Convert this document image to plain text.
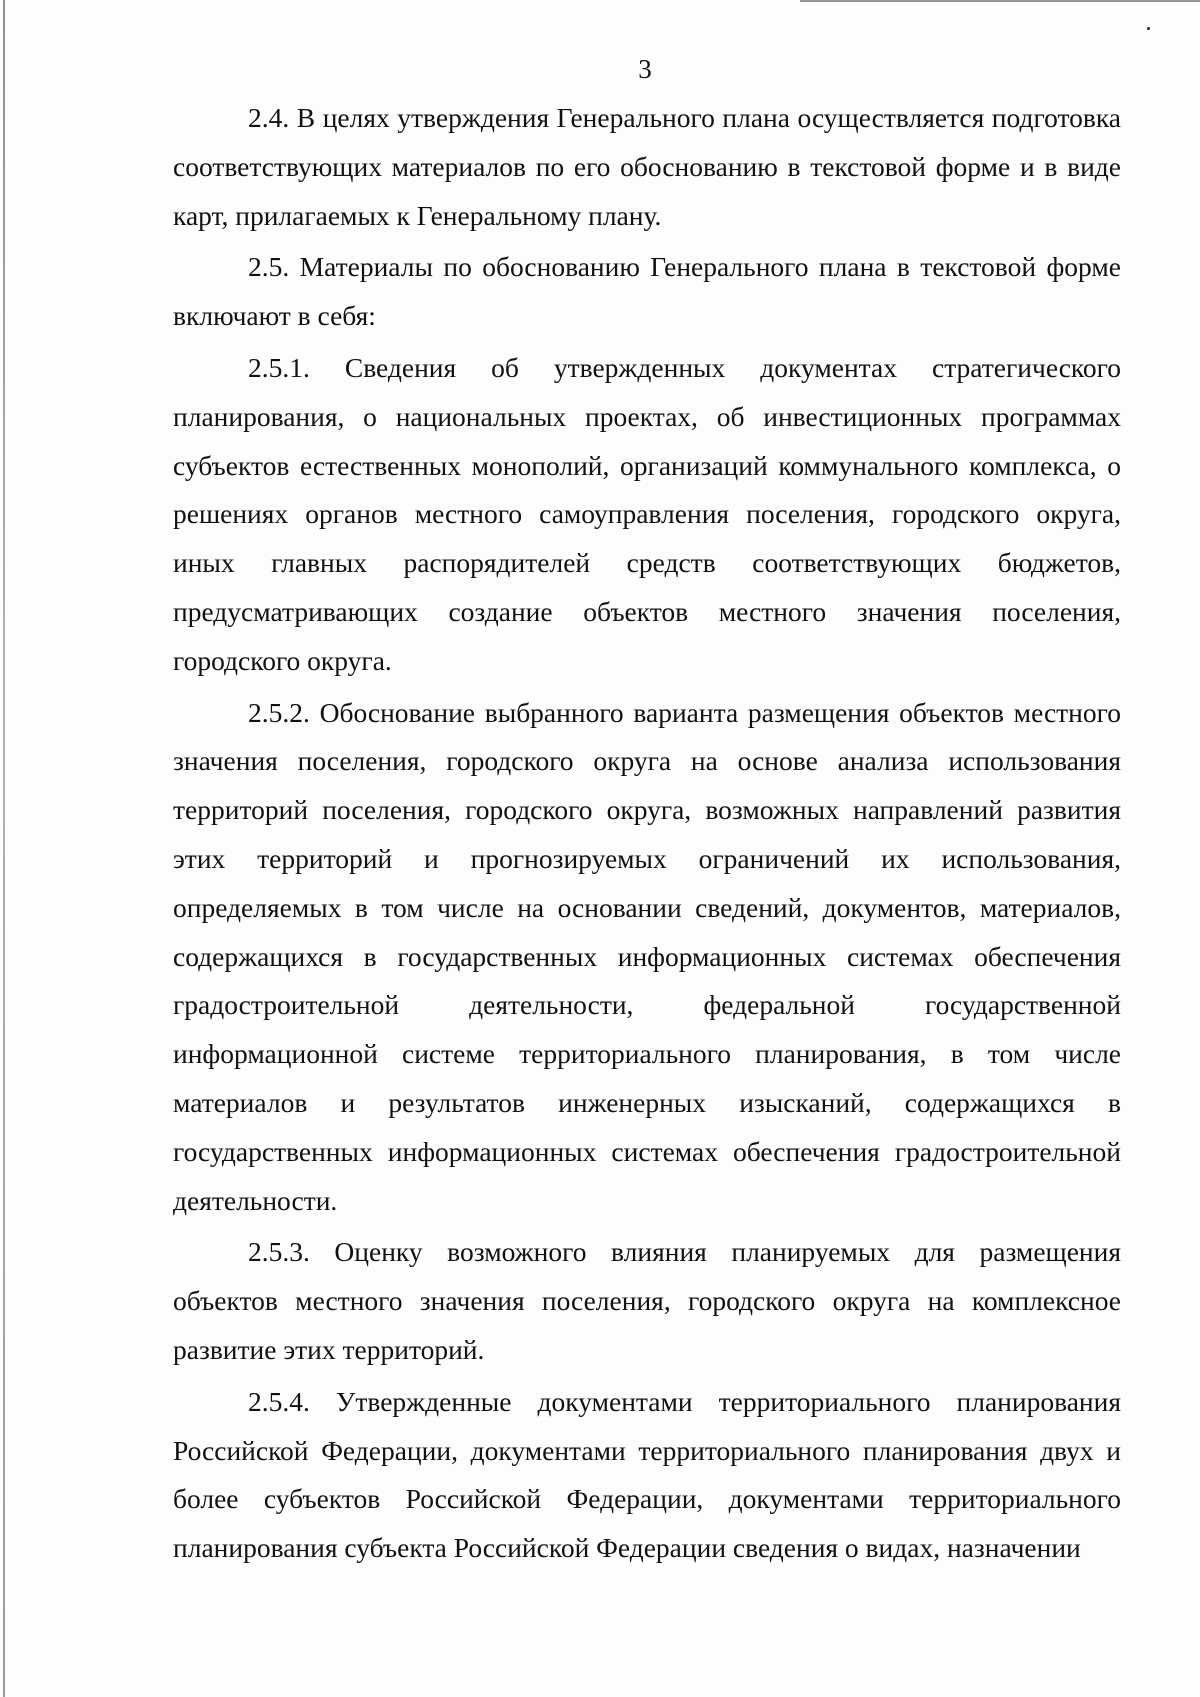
3

2.4. В целях утверждения Генерального плана осуществляется подготовка соответствующих материалов по его обоснованию в текстовой форме и в виде карт, прилагаемых к Генеральному плану.

2.5. Материалы по обоснованию Генерального плана в текстовой форме включают в себя:

2.5.1. Сведения об утвержденных документах стратегического планирования, о национальных проектах, об инвестиционных программах субъектов естественных монополий, организаций коммунального комплекса, о решениях органов местного самоуправления поселения, городского округа, иных главных распорядителей средств соответствующих бюджетов, предусматривающих создание объектов местного значения поселения, городского округа.

2.5.2. Обоснование выбранного варианта размещения объектов местного значения поселения, городского округа на основе анализа использования территорий поселения, городского округа, возможных направлений развития этих территорий и прогнозируемых ограничений их использования, определяемых в том числе на основании сведений, документов, материалов, содержащихся в государственных информационных системах обеспечения градостроительной деятельности, федеральной государственной информационной системе территориального планирования, в том числе материалов и результатов инженерных изысканий, содержащихся в государственных информационных системах обеспечения градостроительной деятельности.

2.5.3. Оценку возможного влияния планируемых для размещения объектов местного значения поселения, городского округа на комплексное развитие этих территорий.

2.5.4. Утвержденные документами территориального планирования Российской Федерации, документами территориального планирования двух и более субъектов Российской Федерации, документами территориального планирования субъекта Российской Федерации сведения о видах, назначении
